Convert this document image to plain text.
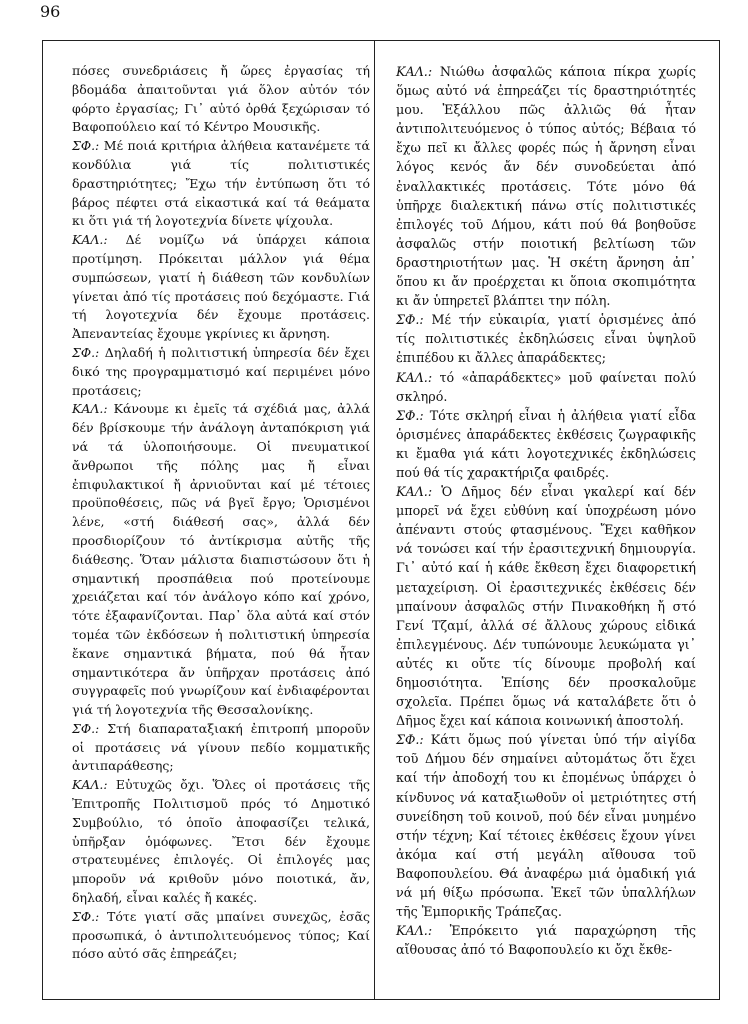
96

πόσες συνεδριάσεις ἤ ὥρες ἐργασίας τή βδομάδα ἀπαιτοῦνται γιά ὅλον αὐτόν τόν φόρτο ἐργασίας; Γι᾽ αὐτό ὀρθά ξεχώρισαν τό Βαφοπούλειο καί τό Κέντρο Μουσικῆς.

ΣΦ.: Μέ ποιά κριτήρια ἀλήθεια κατανέμετε τά κονδύλια γιά τίς πολιτιστικές δραστηριότητες; Ἔχω τήν ἐντύπωση ὅτι τό βάρος πέφτει στά εἰκαστικά καί τά θεάματα κι ὅτι γιά τή λογοτεχνία δίνετε ψίχουλα.

ΚΑΛ.: Δέ νομίζω νά ὑπάρχει κάποια προτίμηση. Πρόκειται μάλλον γιά θέμα συμπώσεων, γιατί ἡ διάθεση τῶν κονδυλίων γίνεται ἀπό τίς προτάσεις πού δεχόμαστε. Γιά τή λογοτεχνία δέν ἔχουμε προτάσεις. Ἀπεναντείας ἔχουμε γκρίνιες κι ἄρνηση.

ΣΦ.: Δηλαδή ἡ πολιτιστική ὑπηρεσία δέν ἔχει δικό της προγραμματισμό καί περιμένει μόνο προτάσεις;

ΚΑΛ.: Κάνουμε κι ἐμεῖς τά σχέδιά μας, ἀλλά δέν βρίσκουμε τήν ἀνάλογη ἀνταπόκριση γιά νά τά ὑλοποιήσουμε. Οἱ πνευματικοί ἄνθρωποι τῆς πόλης μας ἤ εἶναι ἐπιφυλακτικοί ἤ ἀρνιοῦνται καί μέ τέτοιες προϋποθέσεις, πῶς νά βγεῖ ἔργο; Ὁρισμένοι λένε, «στή διάθεσή σας», ἀλλά δέν προσδιορίζουν τό ἀντίκρισμα αὐτῆς τῆς διάθεσης. Ὅταν μάλιστα διαπιστώσουν ὅτι ἡ σημαντική προσπάθεια πού προτείνουμε χρειάζεται καί τόν ἀνάλογο κόπο καί χρόνο, τότε ἐξαφανίζονται. Παρ᾽ ὅλα αὐτά καί στόν τομέα τῶν ἐκδόσεων ἡ πολιτιστική ὑπηρεσία ἔκανε σημαντικά βήματα, πού θά ἦταν σημαντικότερα ἄν ὑπῆρχαν προτάσεις ἀπό συγγραφεῖς πού γνωρίζουν καί ἐνδιαφέρονται γιά τή λογοτεχνία τῆς Θεσσαλονίκης.

ΣΦ.: Στή διαπαραταξιακή ἐπιτροπή μποροῦν οἱ προτάσεις νά γίνουν πεδίο κομματικῆς ἀντιπαράθεσης;

ΚΑΛ.: Εὐτυχῶς ὄχι. Ὅλες οἱ προτάσεις τῆς Ἐπιτροπῆς Πολιτισμοῦ πρός τό Δημοτικό Συμβούλιο, τό ὁποῖο ἀποφασίζει τελικά, ὑπῆρξαν ὁμόφωνες. Ἔτσι δέν ἔχουμε στρατευμένες ἐπιλογές. Οἱ ἐπιλογές μας μποροῦν νά κριθοῦν μόνο ποιοτικά, ἄν, δηλαδή, εἶναι καλές ἤ κακές.

ΣΦ.: Τότε γιατί σᾶς μπαίνει συνεχῶς, ἐσᾶς προσωπικά, ὁ ἀντιπολιτευόμενος τύπος; Καί πόσο αὐτό σᾶς ἐπηρεάζει;

ΚΑΛ.: Νιώθω ἀσφαλῶς κάποια πίκρα χωρίς ὅμως αὐτό νά ἐπηρεάζει τίς δραστηριότητές μου. Ἐξάλλου πῶς ἀλλιῶς θά ἦταν ἀντιπολιτευόμενος ὁ τύπος αὐτός; Βέβαια τό ἔχω πεῖ κι ἄλλες φορές πώς ἡ ἄρνηση εἶναι λόγος κενός ἄν δέν συνοδεύεται ἀπό ἐναλλακτικές προτάσεις. Τότε μόνο θά ὑπῆρχε διαλεκτική πάνω στίς πολιτιστικές ἐπιλογές τοῦ Δήμου, κάτι πού θά βοηθοῦσε ἀσφαλῶς στήν ποιοτική βελτίωση τῶν δραστηριοτήτων μας. Ἡ σκέτη ἄρνηση ἀπ᾽ ὅπου κι ἄν προέρχεται κι ὅποια σκοπιμότητα κι ἄν ὑπηρετεῖ βλάπτει την πόλη.

ΣΦ.: Μέ τήν εὐκαιρία, γιατί ὁρισμένες ἀπό τίς πολιτιστικές ἐκδηλώσεις εἶναι ὑψηλοῦ ἐπιπέδου κι ἄλλες ἀπαράδεκτες;

ΚΑΛ.: τό «ἀπαράδεκτες» μοῦ φαίνεται πολύ σκληρό.

ΣΦ.: Τότε σκληρή εἶναι ἡ ἀλήθεια γιατί εἶδα ὁρισμένες ἀπαράδεκτες ἐκθέσεις ζωγραφικῆς κι ἔμαθα γιά κάτι λογοτεχνικές ἐκδηλώσεις πού θά τίς χαρακτήριζα φαιδρές.

ΚΑΛ.: Ὁ Δῆμος δέν εἶναι γκαλερί καί δέν μπορεῖ νά ἔχει εὐθύνη καί ὑποχρέωση μόνο ἀπέναντι στούς φτασμένους. Ἔχει καθῆκον νά τονώσει καί τήν ἐρασιτεχνική δημιουργία. Γι᾽ αὐτό καί ἡ κάθε ἔκθεση ἔχει διαφορετική μεταχείριση. Οἱ ἐρασιτεχνικές ἐκθέσεις δέν μπαίνουν ἀσφαλῶς στήν Πινακοθήκη ἤ στό Γενί Τζαμί, ἀλλά σέ ἄλλους χώρους εἰδικά ἐπιλεγμένους. Δέν τυπώνουμε λευκώματα γι᾽ αὐτές κι οὔτε τίς δίνουμε προβολή καί δημοσιότητα. Ἐπίσης δέν προσκαλοῦμε σχολεῖα. Πρέπει ὅμως νά καταλάβετε ὅτι ὁ Δῆμος ἔχει καί κάποια κοινωνική ἀποστολή.

ΣΦ.: Κάτι ὅμως πού γίνεται ὑπό τήν αἰγίδα τοῦ Δήμου δέν σημαίνει αὐτομάτως ὅτι ἔχει καί τήν ἀποδοχή του κι ἐπομένως ὑπάρχει ὁ κίνδυνος νά καταξιωθοῦν οἱ μετριότητες στή συνείδηση τοῦ κοινοῦ, πού δέν εἶναι μυημένο στήν τέχνη; Καί τέτοιες ἐκθέσεις ἔχουν γίνει ἀκόμα καί στή μεγάλη αἴθουσα τοῦ Βαφοπουλείου. Θά ἀναφέρω μιά ὁμαδική γιά νά μή θίξω πρόσωπα. Ἐκεῖ τῶν ὑπαλλήλων τῆς Ἐμπορικῆς Τράπεζας.

ΚΑΛ.: Ἐπρόκειτο γιά παραχώρηση τῆς αἴθουσας ἀπό τό Βαφοπουλείο κι ὄχι ἔκθε-
